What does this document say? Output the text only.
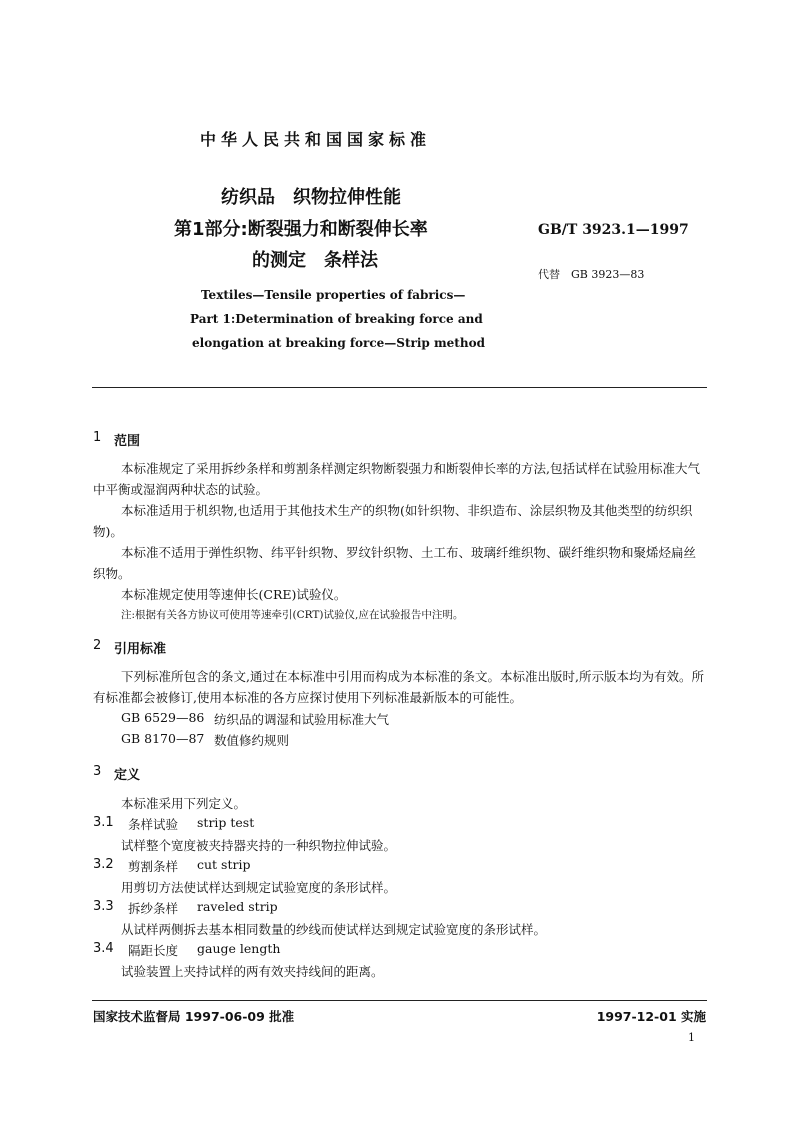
中华人民共和国国家标准
纺织品　织物拉伸性能
第1部分:断裂强力和断裂伸长率
的测定　条样法
GB/T 3923.1—1997
代替　GB 3923—83
Textiles—Tensile properties of fabrics—
Part 1:Determination of breaking force and
elongation at breaking force—Strip method
1 范围
本标准规定了采用拆纱条样和剪割条样测定织物断裂强力和断裂伸长率的方法,包括试样在试验用标准大气中平衡或湿润两种状态的试验。
本标准适用于机织物,也适用于其他技术生产的织物(如针织物、非织造布、涂层织物及其他类型的纺织织物)。
本标准不适用于弹性织物、纬平针织物、罗纹针织物、土工布、玻璃纤维织物、碳纤维织物和聚烯烃扁丝织物。
本标准规定使用等速伸长(CRE)试验仪。
注:根据有关各方协议可使用等速牵引(CRT)试验仪,应在试验报告中注明。
2 引用标准
下列标准所包含的条文,通过在本标准中引用而构成为本标准的条文。本标准出版时,所示版本均为有效。所有标准都会被修订,使用本标准的各方应探讨使用下列标准最新版本的可能性。
GB 6529—86 纺织品的调湿和试验用标准大气
GB 8170—87 数值修约规则
3 定义
本标准采用下列定义。
3.1 条样试验 strip test
试样整个宽度被夹持器夹持的一种织物拉伸试验。
3.2 剪割条样 cut strip
用剪切方法使试样达到规定试验宽度的条形试样。
3.3 拆纱条样 raveled strip
从试样两侧拆去基本相同数量的纱线而使试样达到规定试验宽度的条形试样。
3.4 隔距长度 gauge length
试验装置上夹持试样的两有效夹持线间的距离。
国家技术监督局 1997-06-09 批准	1997-12-01 实施
1
